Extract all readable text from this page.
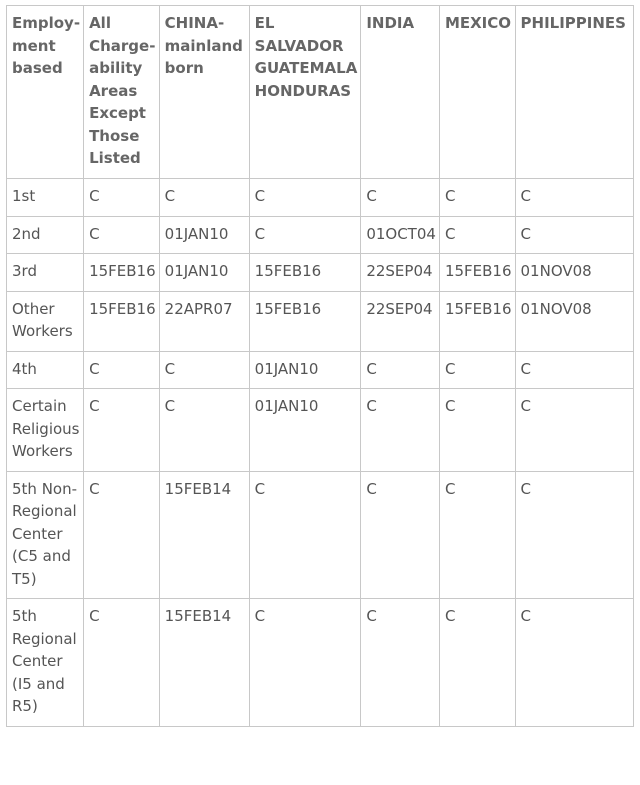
Employment based	All Chargeability Areas Except Those Listed	CHINA-mainland born	EL SALVADOR GUATEMALA HONDURAS	INDIA	MEXICO	PHILIPPINES
1st	C	C	C	C	C	C
2nd	C	01JAN10	C	01OCT04	C	C
3rd	15FEB16	01JAN10	15FEB16	22SEP04	15FEB16	01NOV08
Other Workers	15FEB16	22APR07	15FEB16	22SEP04	15FEB16	01NOV08
4th	C	C	01JAN10	C	C	C
Certain Religious Workers	C	C	01JAN10	C	C	C
5th Non-Regional Center (C5 and T5)	C	15FEB14	C	C	C	C
5th Regional Center (I5 and R5)	C	15FEB14	C	C	C	C
